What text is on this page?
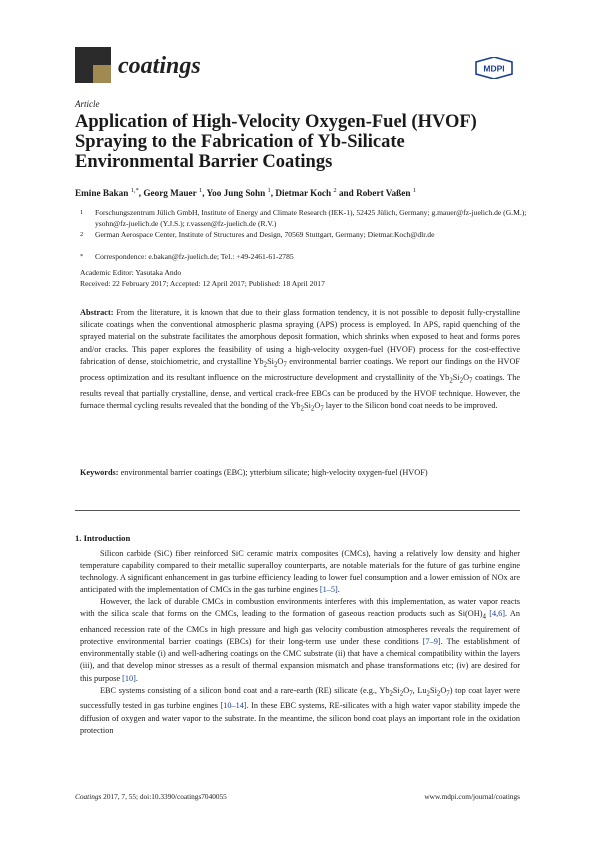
coatings	MDPI
Article
Application of High-Velocity Oxygen-Fuel (HVOF) Spraying to the Fabrication of Yb-Silicate Environmental Barrier Coatings
Emine Bakan $^{1,*}$, Georg Mauer $^1$, Yoo Jung Sohn $^1$, Dietmar Koch $^2$ and Robert Vaßen $^1$
1 Forschungszentrum Jülich GmbH, Institute of Energy and Climate Research (IEK-1), 52425 Jülich, Germany; g.mauer@fz-juelich.de (G.M.); ysohn@fz-juelich.de (Y.J.S.); r.vassen@fz-juelich.de (R.V.)
2 German Aerospace Center, Institute of Structures and Design, 70569 Stuttgart, Germany; Dietmar.Koch@dlr.de
* Correspondence: e.bakan@fz-juelich.de; Tel.: +49-2461-61-2785
Academic Editor: Yasutaka Ando
Received: 22 February 2017; Accepted: 12 April 2017; Published: 18 April 2017
Abstract: From the literature, it is known that due to their glass formation tendency, it is not possible to deposit fully-crystalline silicate coatings when the conventional atmospheric plasma spraying (APS) process is employed. In APS, rapid quenching of the sprayed material on the substrate facilitates the amorphous deposit formation, which shrinks when exposed to heat and forms pores and/or cracks. This paper explores the feasibility of using a high-velocity oxygen-fuel (HVOF) process for the cost-effective fabrication of dense, stoichiometric, and crystalline $Yb_2Si_2O_7$ environmental barrier coatings. We report our findings on the HVOF process optimization and its resultant influence on the microstructure development and crystallinity of the $Yb_2Si_2O_7$ coatings. The results reveal that partially crystalline, dense, and vertical crack-free EBCs can be produced by the HVOF technique. However, the furnace thermal cycling results revealed that the bonding of the $Yb_2Si_2O_7$ layer to the Silicon bond coat needs to be improved.
Keywords: environmental barrier coatings (EBC); ytterbium silicate; high-velocity oxygen-fuel (HVOF)
1. Introduction

Silicon carbide (SiC) fiber reinforced SiC ceramic matrix composites (CMCs), having a relatively low density and higher temperature capability compared to their metallic superalloy counterparts, are notable materials for the future of gas turbine engine technology. A significant enhancement in gas turbine efficiency leading to lower fuel consumption and a lower emission of NOx are anticipated with the implementation of CMCs in the gas turbine engines [1–5].

However, the lack of durable CMCs in combustion environments interferes with this implementation, as water vapor reacts with the silica scale that forms on the CMCs, leading to the formation of gaseous reaction products such as $Si(OH)_4$ [4,6]. An enhanced recession rate of the CMCs in high pressure and high gas velocity combustion atmospheres reveals the requirement of protective environmental barrier coatings (EBCs) for their long-term use under these conditions [7–9]. The establishment of environmentally stable (i) and well-adhering coatings on the CMC substrate (ii) that have a chemical compatibility within the layers (iii), and that develop minor stresses as a result of thermal expansion mismatch and phase transformations etc; (iv) are desired for this purpose [10].

EBC systems consisting of a silicon bond coat and a rare-earth (RE) silicate (e.g., $Yb_2Si_2O_7$, $Lu_2Si_2O_7$) top coat layer were successfully tested in gas turbine engines [10–14]. In these EBC systems, RE-silicates with a high water vapor stability impede the diffusion of oxygen and water vapor to the substrate. In the meantime, the silicon bond coat plays an important role in the oxidation protection

Coatings 2017, 7, 55; doi:10.3390/coatings7040055	www.mdpi.com/journal/coatings
